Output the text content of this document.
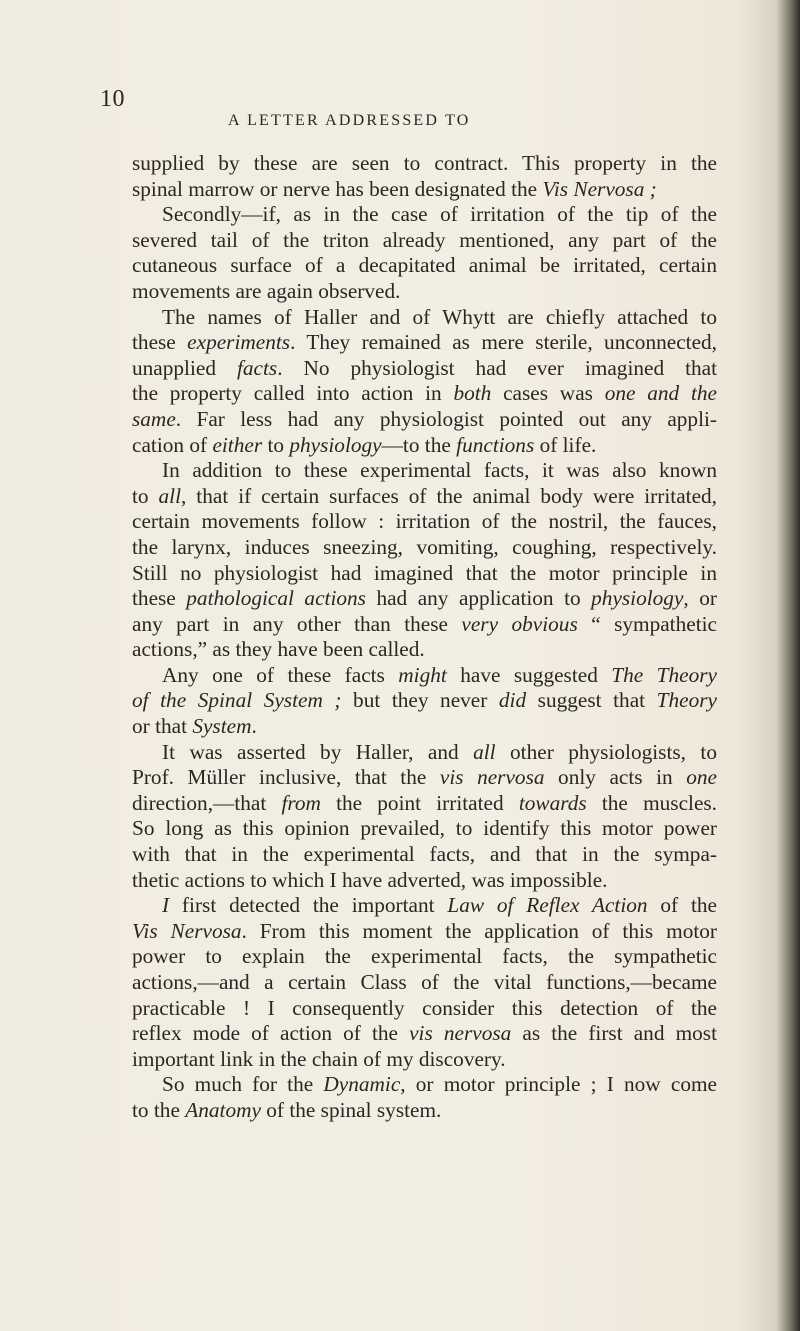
10
A LETTER ADDRESSED TO
supplied by these are seen to contract. This property in the
spinal marrow or nerve has been designated the Vis Nervosa ;
Secondly—if, as in the case of irritation of the tip of the
severed tail of the triton already mentioned, any part of the
cutaneous surface of a decapitated animal be irritated, certain
movements are again observed.
The names of Haller and of Whytt are chiefly attached to
these experiments. They remained as mere sterile, unconnected,
unapplied facts. No physiologist had ever imagined that
the property called into action in both cases was one and the
same. Far less had any physiologist pointed out any appli-
cation of either to physiology—to the functions of life.
In addition to these experimental facts, it was also known
to all, that if certain surfaces of the animal body were irritated,
certain movements follow : irritation of the nostril, the fauces,
the larynx, induces sneezing, vomiting, coughing, respectively.
Still no physiologist had imagined that the motor principle in
these pathological actions had any application to physiology, or
any part in any other than these very obvious “ sympathetic
actions,” as they have been called.
Any one of these facts might have suggested The Theory
of the Spinal System ; but they never did suggest that Theory
or that System.
It was asserted by Haller, and all other physiologists, to
Prof. Müller inclusive, that the vis nervosa only acts in one
direction,—that from the point irritated towards the muscles.
So long as this opinion prevailed, to identify this motor power
with that in the experimental facts, and that in the sympa-
thetic actions to which I have adverted, was impossible.
I first detected the important Law of Reflex Action of the
Vis Nervosa. From this moment the application of this motor
power to explain the experimental facts, the sympathetic
actions,—and a certain Class of the vital functions,—became
practicable ! I consequently consider this detection of the
reflex mode of action of the vis nervosa as the first and most
important link in the chain of my discovery.
So much for the Dynamic, or motor principle ; I now come
to the Anatomy of the spinal system.
